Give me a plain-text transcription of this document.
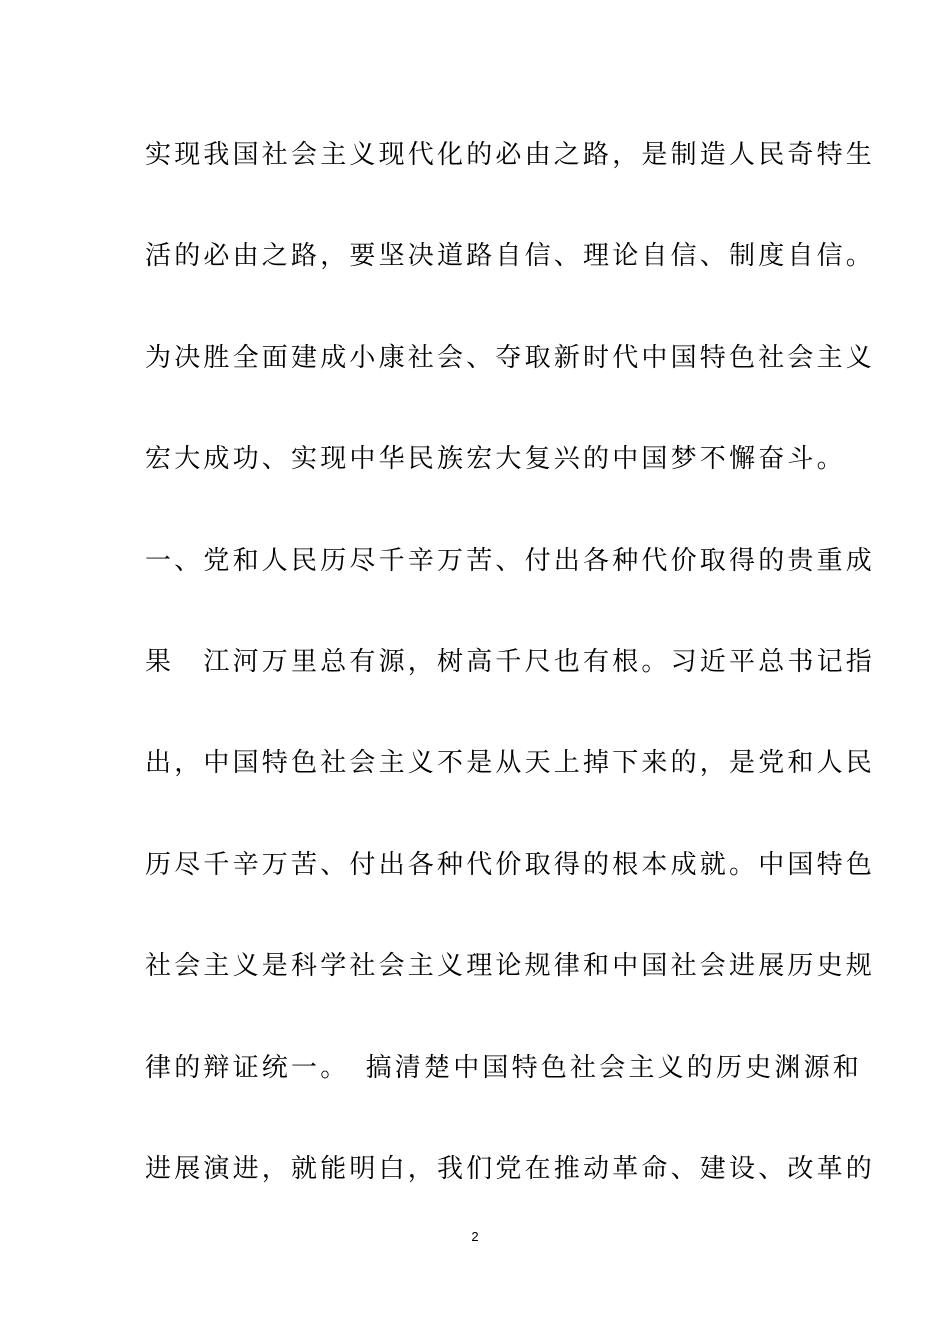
实现我国社会主义现代化的必由之路，是制造人民奇特生
活的必由之路，要坚决道路自信、理论自信、制度自信。
为决胜全面建成小康社会、夺取新时代中国特色社会主义
宏大成功、实现中华民族宏大复兴的中国梦不懈奋斗。
一、党和人民历尽千辛万苦、付出各种代价取得的贵重成
果　江河万里总有源，树高千尺也有根。习近平总书记指
出，中国特色社会主义不是从天上掉下来的，是党和人民
历尽千辛万苦、付出各种代价取得的根本成就。中国特色
社会主义是科学社会主义理论规律和中国社会进展历史规
律的辩证统一。　搞清楚中国特色社会主义的历史渊源和
进展演进，就能明白，我们党在推动革命、建设、改革的
2
